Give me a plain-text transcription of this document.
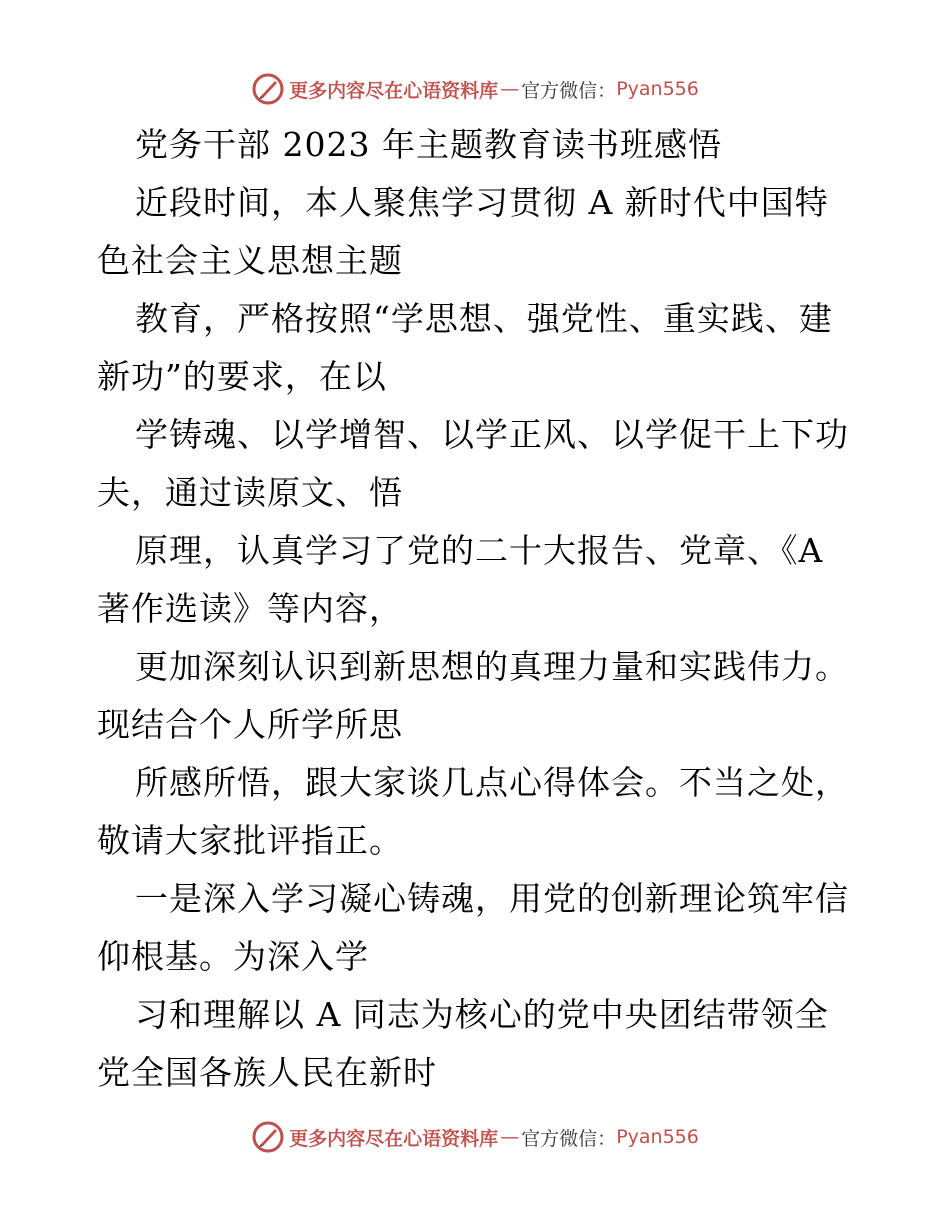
更多内容尽在心语资料库 — 官方微信： Pyan556
党务干部 2023 年主题教育读书班感悟
近段时间，本人聚焦学习贯彻 A 新时代中国特
色社会主义思想主题
教育，严格按照“学思想、强党性、重实践、建
新功”的要求，在以
学铸魂、以学增智、以学正风、以学促干上下功
夫，通过读原文、悟
原理，认真学习了党的二十大报告、党章、《A
著作选读》等内容，
更加深刻认识到新思想的真理力量和实践伟力。
现结合个人所学所思
所感所悟，跟大家谈几点心得体会。不当之处，
敬请大家批评指正。
一是深入学习凝心铸魂，用党的创新理论筑牢信
仰根基。为深入学
习和理解以 A 同志为核心的党中央团结带领全
党全国各族人民在新时
更多内容尽在心语资料库 — 官方微信： Pyan556
